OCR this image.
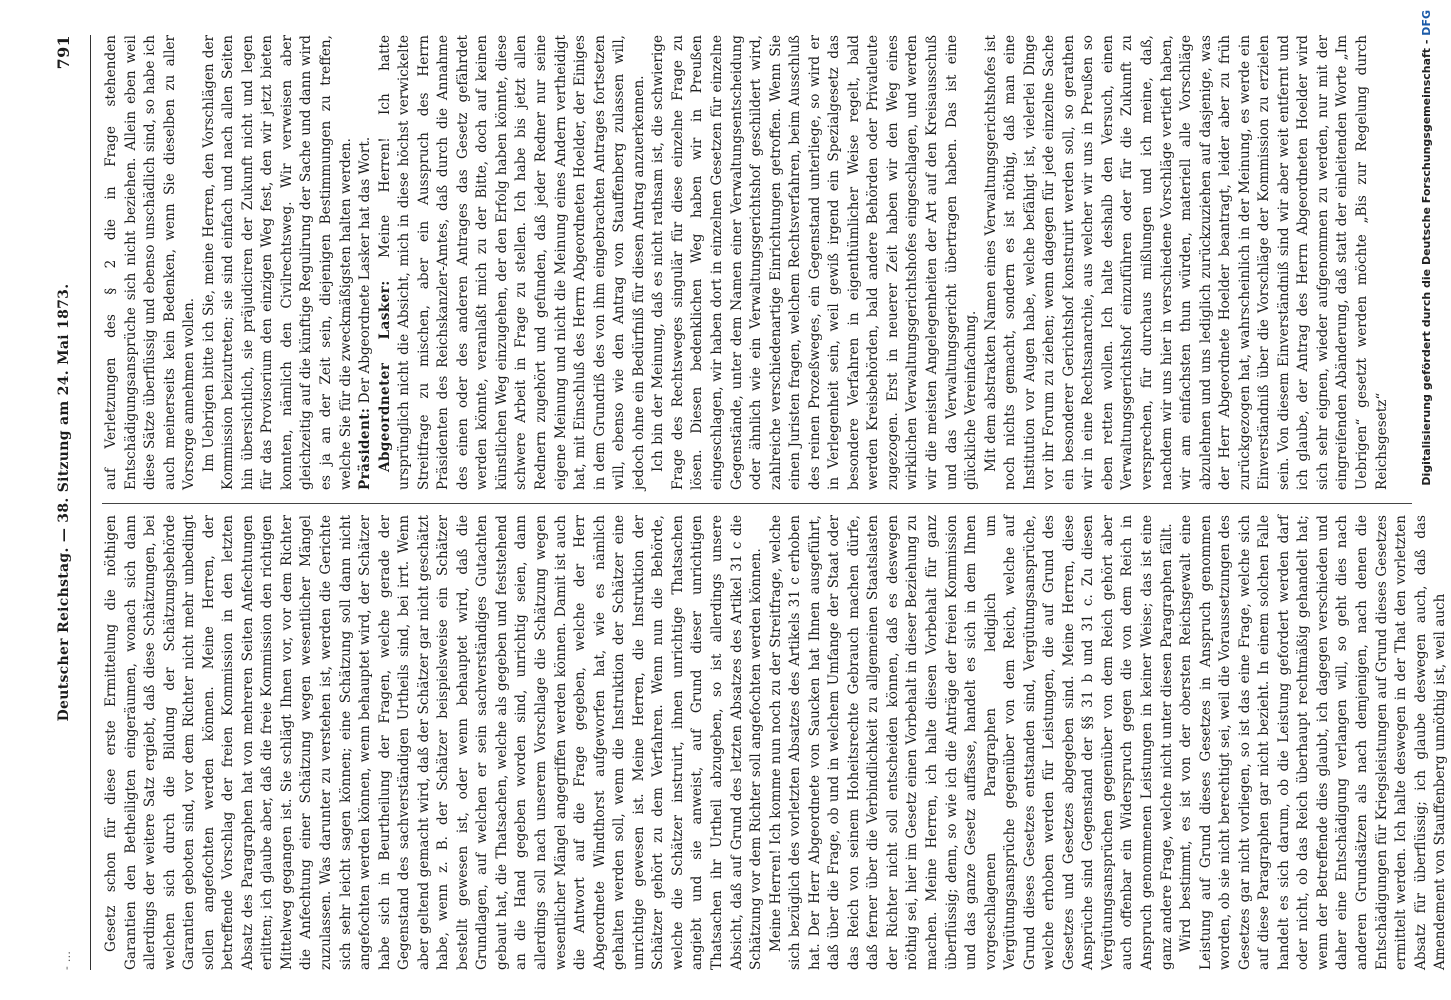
- ...
Deutscher Reichstag. — 38. Sitzung am 24. Mai 1873.
791

Gesetz schon für diese erste Ermittelung die nöthigen Garantien den Betheiligten eingeräumen, wonach sich dann allerdings der weitere Satz ergiebt, daß diese Schätzungen, bei welchen sich durch die Bildung der Schätzungsbehörde Garantien geboten sind, vor dem Richter nicht mehr unbedingt sollen angefochten werden können. Meine Herren, der betreffende Vorschlag der freien Kommission in den letzten Absatz des Paragraphen hat von mehreren Seiten Anfechtungen erlitten; ich glaube aber, daß die freie Kommission den richtigen Mittelweg gegangen ist. Sie schlägt Ihnen vor, vor dem Richter die Anfechtung einer Schätzung wegen wesentlicher Mängel zuzulassen. Was darunter zu verstehen ist, werden die Gerichte sich sehr leicht sagen können; eine Schätzung soll dann nicht angefochten werden können, wenn behauptet wird, der Schätzer habe sich in Beurtheilung der Fragen, welche gerade der Gegenstand des sachverständigen Urtheils sind, bei irrt. Wenn aber geltend gemacht wird, daß der Schätzer gar nicht geschätzt habe, wenn z. B. der Schätzer beispielsweise ein Schätzer bestellt gewesen ist, oder wenn behauptet wird, daß die Grundlagen, auf welchen er sein sachverständiges Gutachten gebaut hat, die Thatsachen, welche als gegeben und feststehend an die Hand gegeben worden sind, unrichtig seien, dann allerdings soll nach unserem Vorschlage die Schätzung wegen wesentlicher Mängel angegriffen werden können. Damit ist auch die Antwort auf die Frage gegeben, welche der Herr Abgeordnete Windthorst aufgeworfen hat, wie es nämlich gehalten werden soll, wenn die Instruktion der Schätzer eine unrichtige gewesen ist. Meine Herren, die Instruktion der Schätzer gehört zu dem Verfahren. Wenn nun die Behörde, welche die Schätzer instruirt, ihnen unrichtige Thatsachen angiebt und sie anweist, auf Grund dieser unrichtigen Thatsachen ihr Urtheil abzugeben, so ist allerdings unsere Absicht, daß auf Grund des letzten Absatzes des Artikel 31 c die Schätzung vor dem Richter soll angefochten werden können. Meine Herren! Ich komme nun noch zu der Streitfrage, welche sich bezüglich des vorletzten Absatzes des Artikels 31 c erhoben hat. Der Herr Abgeordnete von Saucken hat Ihnen ausgeführt, daß über die Frage, ob und in welchem Umfange der Staat oder das Reich von seinem Hoheitsrechte Gebrauch machen dürfe, daß ferner über die Verbindlichkeit zu allgemeinen Staatslasten der Richter nicht soll entscheiden können, daß es deswegen nöthig sei, hier im Gesetz einen Vorbehalt in dieser Beziehung zu machen. Meine Herren, ich halte diesen Vorbehalt für ganz überflüssig; denn, so wie ich die Anträge der freien Kommission und das ganze Gesetz auffasse, handelt es sich in dem Ihnen vorgeschlagenen Paragraphen lediglich um Vergütungsansprüche gegenüber von dem Reich, welche auf Grund dieses Gesetzes entstanden sind, Vergütungsansprüche, welche erhoben werden für Leistungen, die auf Grund des Gesetzes und Gesetzes abgegeben sind. Meine Herren, diese Ansprüche sind Gegenstand der §§ 31 b und 31 c. Zu diesen Vergütungsansprüchen gegenüber von dem Reich gehört aber auch offenbar ein Widerspruch gegen die von dem Reich in Anspruch genommenen Leistungen in keiner Weise; das ist eine ganz andere Frage, welche nicht unter diesen Paragraphen fällt. Wird bestimmt, es ist von der obersten Reichsgewalt eine Leistung auf Grund dieses Gesetzes in Anspruch genommen worden, ob sie nicht berechtigt sei, weil die Voraussetzungen des Gesetzes gar nicht vorliegen, so ist das eine Frage, welche sich auf diese Paragraphen gar nicht bezieht. In einem solchen Falle handelt es sich darum, ob die Leistung gefordert werden darf oder nicht, ob das Reich überhaupt rechtmäßig gehandelt hat; wenn der Betreffende dies glaubt, ich dagegen verschieden und daher eine Entschädigung verlangen will, so geht dies nach anderen Grundsätzen als nach demjenigen, nach denen die Entschädigungen für Kriegsleistungen auf Grund dieses Gesetzes ermittelt werden. Ich halte deswegen in der That den vorletzten Absatz für überflüssig; ich glaube deswegen auch, daß das Amendement von Stauffenberg unnöthig ist, weil auch

auf Verletzungen des § 2 die in Frage stehenden Entschädigungsansprüche sich nicht beziehen. Allein eben weil diese Sätze überflüssig und ebenso unschädlich sind, so habe ich auch meinerseits kein Bedenken, wenn Sie dieselben zu aller Vorsorge annehmen wollen. Im Uebrigen bitte ich Sie, meine Herren, den Vorschlägen der Kommission beizutreten; sie sind einfach und nach allen Seiten hin übersichtlich, sie präjudiciren der Zukunft nicht und legen für das Provisorium den einzigen Weg fest, den wir jetzt bieten konnten, nämlich den Civilrechtsweg. Wir verweisen aber gleichzeitig auf die künftige Regulirung der Sache und dann wird es ja an der Zeit sein, diejenigen Bestimmungen zu treffen, welche Sie für die zweckmäßigsten halten werden. Präsident: Der Abgeordnete Lasker hat das Wort. Abgeordneter Lasker: Meine Herren! Ich hatte ursprünglich nicht die Absicht, mich in diese höchst verwickelte Streitfrage zu mischen, aber ein Ausspruch des Herrn Präsidenten des Reichskanzler-Amtes, daß durch die Annahme des einen oder des anderen Antrages das Gesetz gefährdet werden könnte, veranlaßt mich zu der Bitte, doch auf keinen künstlichen Weg einzugehen, der den Erfolg haben könnte, diese schwere Arbeit in Frage zu stellen. Ich habe bis jetzt allen Rednern zugehört und gefunden, daß jeder Redner nur seine eigene Meinung und nicht die Meinung eines Andern vertheidigt hat, mit Einschluß des Herrn Abgeordneten Hoelder, der Einiges in dem Grundriß des von ihm eingebrachten Antrages fortsetzen will, ebenso wie den Antrag von Stauffenberg zulassen will, jedoch ohne ein Bedürfniß für diesen Antrag anzuerkennen. Ich bin der Meinung, daß es nicht rathsam ist, die schwierige Frage des Rechtsweges singulär für diese einzelne Frage zu lösen. Diesen bedenklichen Weg haben wir in Preußen eingeschlagen, wir haben dort in einzelnen Gesetzen für einzelne Gegenstände, unter dem Namen einer Verwaltungsentscheidung oder ähnlich wie ein Verwaltungsgerichtshof geschildert wird, zahlreiche verschiedenartige Einrichtungen getroffen. Wenn Sie einen Juristen fragen, welchem Rechtsverfahren, beim Ausschluß des reinen Prozeßweges, ein Gegenstand unterliege, so wird er in Verlegenheit sein, weil gewiß irgend ein Spezialgesetz das besondere Verfahren in eigenthümlicher Weise regelt, bald werden Kreisbehörden, bald andere Behörden oder Privatleute zugezogen. Erst in neuerer Zeit haben wir den Weg eines wirklichen Verwaltungsgerichtshofes eingeschlagen, und werden wir die meisten Angelegenheiten der Art auf den Kreisausschuß und das Verwaltungsgericht übertragen haben. Das ist eine glückliche Vereinfachung. Mit dem abstrakten Namen eines Verwaltungsgerichtshofes ist noch nichts gemacht, sondern es ist nöthig, daß man eine Institution vor Augen habe, welche befähigt ist, vielerlei Dinge vor ihr Forum zu ziehen; wenn dagegen für jede einzelne Sache ein besonderer Gerichtshof konstruirt werden soll, so gerathen wir in eine Rechtsanarchie, aus welcher wir uns in Preußen so eben retten wollen. Ich halte deshalb den Versuch, einen Verwaltungsgerichtshof einzuführen oder für die Zukunft zu versprechen, für durchaus mißlungen und ich meine, daß, nachdem wir uns hier in verschiedene Vorschläge vertieft haben, wir am einfachsten thun würden, materiell alle Vorschläge abzulehnen und uns lediglich zurückzuziehen auf dasjenige, was der Herr Abgeordnete Hoelder beantragt, leider aber zu früh zurückgezogen hat, wahrscheinlich in der Meinung, es werde ein Einverständniß über die Vorschläge der Kommission zu erzielen sein. Von diesem Einverständniß sind wir aber weit entfernt und ich glaube, der Antrag des Herrn Abgeordneten Hoelder wird sich sehr eignen, wieder aufgenommen zu werden, nur mit der eingreifenden Abänderung, daß statt der einleitenden Worte „Im Uebrigen“ gesetzt werden möchte „Bis zur Regelung durch Reichsgesetz“	Digitalisierung gefördert durch die Deutsche Forschungsgemeinschaft - DFG
